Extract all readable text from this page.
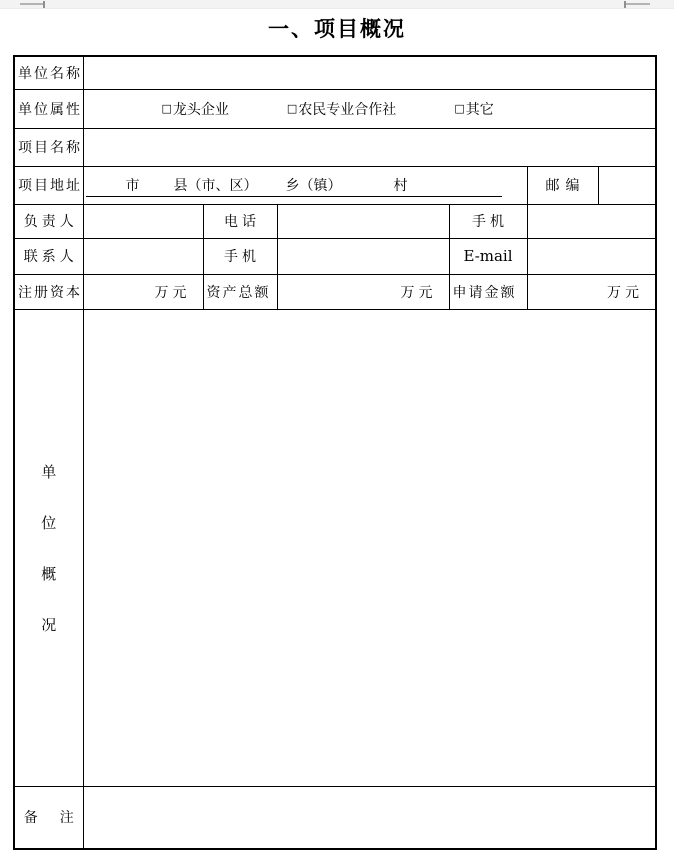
一、项目概况
单位名称						
单位属性	□ 龙头企业	□ 农民专业合作社	□ 其它

项目名称						
项目地址	市 县（市、区） 乡（镇） 村				邮编	
负责人		电话		手机		
联系人		手机		E-mail		
注册资本	万元	资产总额	万元	申请金额	万元	

单
位
概
况						

备 注						
